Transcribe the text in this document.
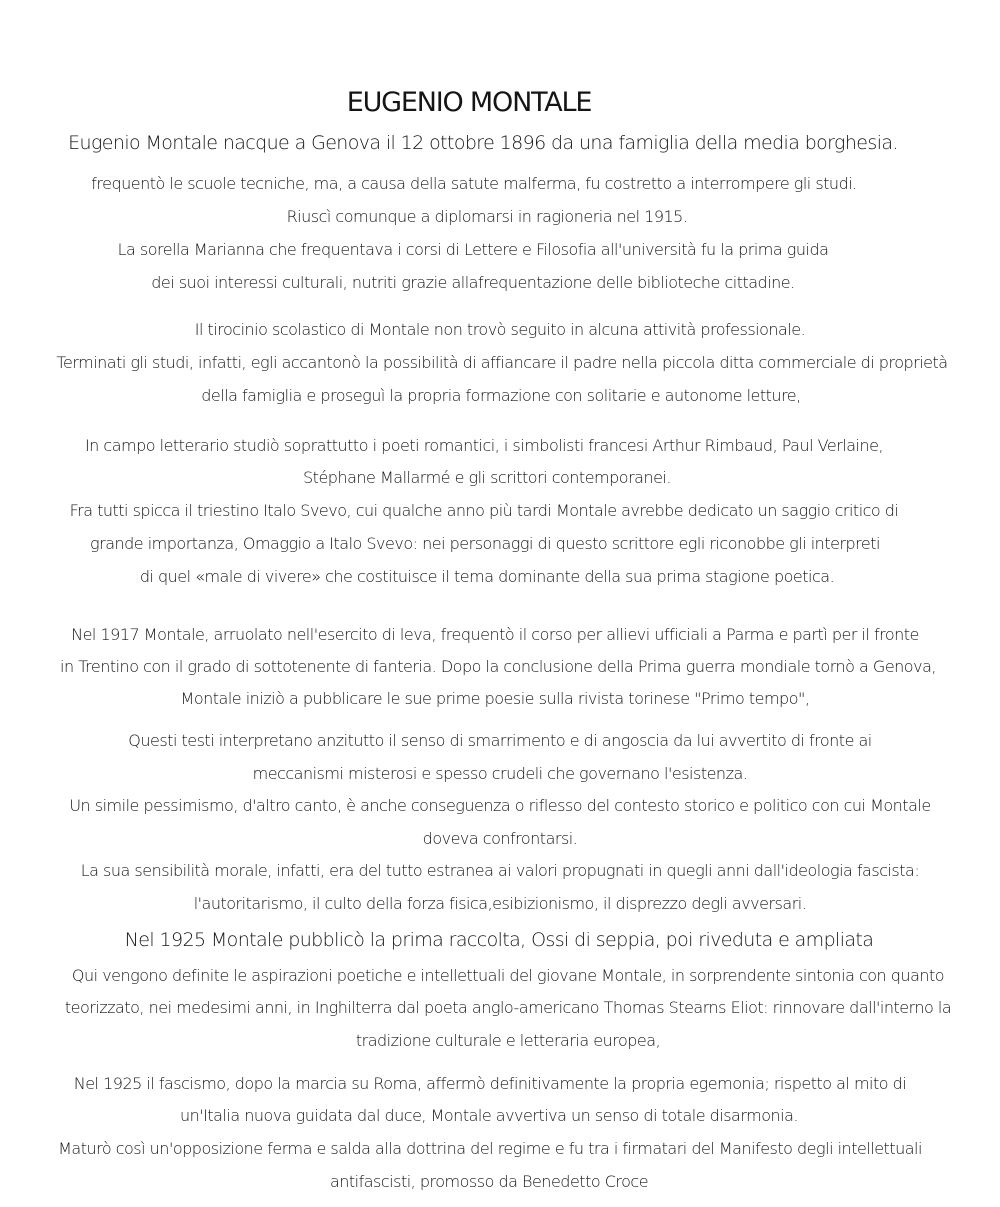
EUGENIO MONTALE
Eugenio Montale nacque a Genova il 12 ottobre 1896 da una famiglia della media borghesia.
frequentò le scuole tecniche, ma, a causa della satute malferma, fu costretto a interrompere gli studi.
Riuscì comunque a diplomarsi in ragioneria nel 1915.
La sorella Marianna che frequentava i corsi di Lettere e Filosofia all'università fu la prima guida
dei suoi interessi culturali, nutriti grazie allafrequentazione delle biblioteche cittadine.
Il tirocinio scolastico di Montale non trovò seguito in alcuna attività professionale.
Terminati gli studi, infatti, egli accantonò la possibilità di affiancare il padre nella piccola ditta commerciale di proprietà
della famiglia e proseguì la propria formazione con solitarie e autonome letture,
In campo letterario studiò soprattutto i poeti romantici, i simbolisti francesi Arthur Rimbaud, Paul Verlaine,
Stéphane Mallarmé e gli scrittori contemporanei.
Fra tutti spicca il triestino Italo Svevo, cui qualche anno più tardi Montale avrebbe dedicato un saggio critico di
grande importanza, Omaggio a Italo Svevo: nei personaggi di questo scrittore egli riconobbe gli interpreti
di quel «male di vivere» che costituisce il tema dominante della sua prima stagione poetica.
Nel 1917 Montale, arruolato nell'esercito di leva, frequentò il corso per allievi ufficiali a Parma e partì per il fronte
in Trentino con il grado di sottotenente di fanteria. Dopo la conclusione della Prima guerra mondiale tornò a Genova,
Montale iniziò a pubblicare le sue prime poesie sulla rivista torinese "Primo tempo",
Questi testi interpretano anzitutto il senso di smarrimento e di angoscia da lui avvertito di fronte ai
meccanismi misterosi e spesso crudeli che governano l'esistenza.
Un simile pessimismo, d'altro canto, è anche conseguenza o riflesso del contesto storico e politico con cui Montale
doveva confrontarsi.
La sua sensibilità morale, infatti, era del tutto estranea ai valori propugnati in quegli anni dall'ideologia fascista:
l'autoritarismo, il culto della forza fisica,esibizionismo, il disprezzo degli avversari.
Nel 1925 Montale pubblicò la prima raccolta, Ossi di seppia, poi riveduta e ampliata
Qui vengono definite le aspirazioni poetiche e intellettuali del giovane Montale, in sorprendente sintonia con quanto
teorizzato, nei medesimi anni, in Inghilterra dal poeta anglo-americano Thomas Stearns Eliot: rinnovare dall'interno la
tradizione culturale e letteraria europea,
Nel 1925 il fascismo, dopo la marcia su Roma, affermò definitivamente la propria egemonia; rispetto al mito di
un'Italia nuova guidata dal duce, Montale avvertiva un senso di totale disarmonia.
Maturò così un'opposizione ferma e salda alla dottrina del regime e fu tra i firmatari del Manifesto degli intellettuali
antifascisti, promosso da Benedetto Croce
